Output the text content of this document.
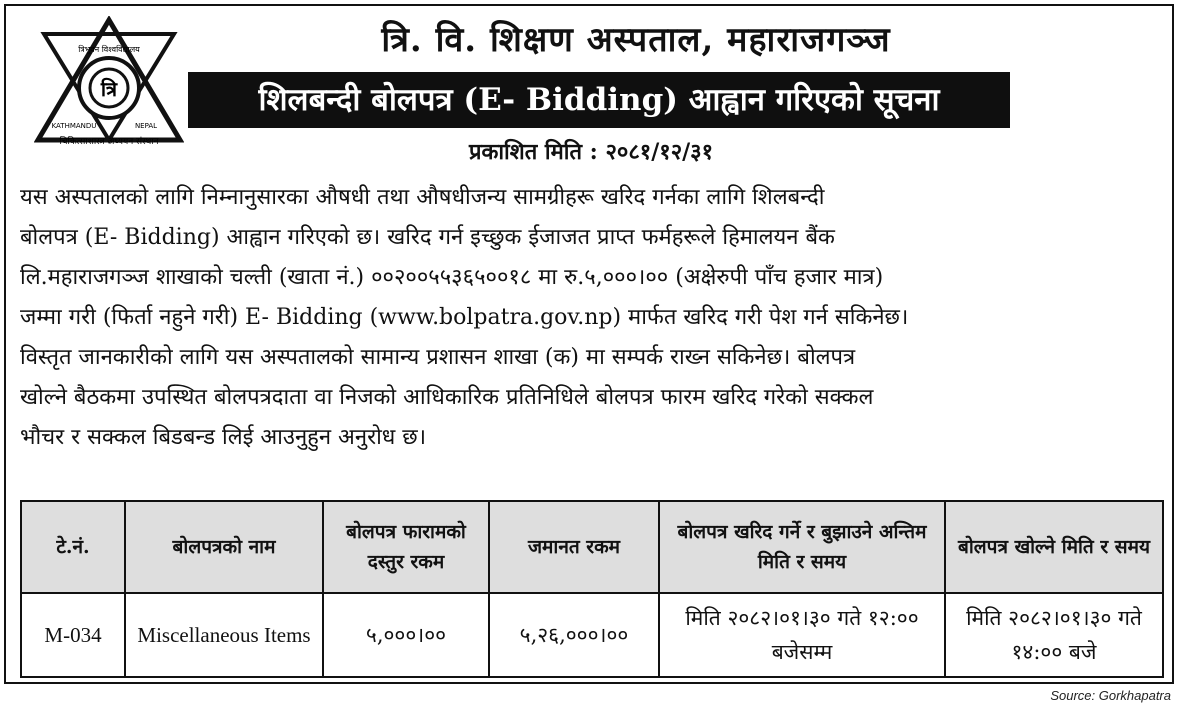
त्रि
त्रिभुवन विश्वविद्यालय
KATHMANDU	NEPAL
चिकित्साशास्त्र अध्ययन संस्थान
त्रि. वि. शिक्षण अस्पताल, महाराजगञ्ज
शिलबन्दी बोलपत्र (E- Bidding) आह्वान गरिएको सूचना
प्रकाशित मिति : २०८१/१२/३१
यस अस्पतालको लागि निम्नानुसारका औषधी तथा औषधीजन्य सामग्रीहरू खरिद गर्नका लागि शिलबन्दी
बोलपत्र (E- Bidding) आह्वान गरिएको छ। खरिद गर्न इच्छुक ईजाजत प्राप्त फर्महरूले हिमालयन बैंक
लि.महाराजगञ्ज शाखाको चल्ती (खाता नं.) ००२००५५३६५००१८ मा रु.५,०००।०० (अक्षेरुपी पाँच हजार मात्र)
जम्मा गरी (फिर्ता नहुने गरी) E- Bidding (www.bolpatra.gov.np) मार्फत खरिद गरी पेश गर्न सकिनेछ।
विस्तृत जानकारीको लागि यस अस्पतालको सामान्य प्रशासन शाखा (क) मा सम्पर्क राख्न सकिनेछ। बोलपत्र
खोल्ने बैठकमा उपस्थित बोलपत्रदाता वा निजको आधिकारिक प्रतिनिधिले बोलपत्र फारम खरिद गरेको सक्कल
भौचर र सक्कल बिडबन्ड लिई आउनुहुन अनुरोध छ।
टे.नं.	बोलपत्रको नाम	बोलपत्र फारामको दस्तुर रकम	जमानत रकम	बोलपत्र खरिद गर्ने र बुझाउने अन्तिम मिति र समय	बोलपत्र खोल्ने मिति र समय
M-034	Miscellaneous Items	५,०००।००	५,२६,०००।००	मिति २०८२।०१।३० गते १२:०० बजेसम्म	मिति २०८२।०१।३० गते १४:०० बजे
Source: Gorkhapatra
